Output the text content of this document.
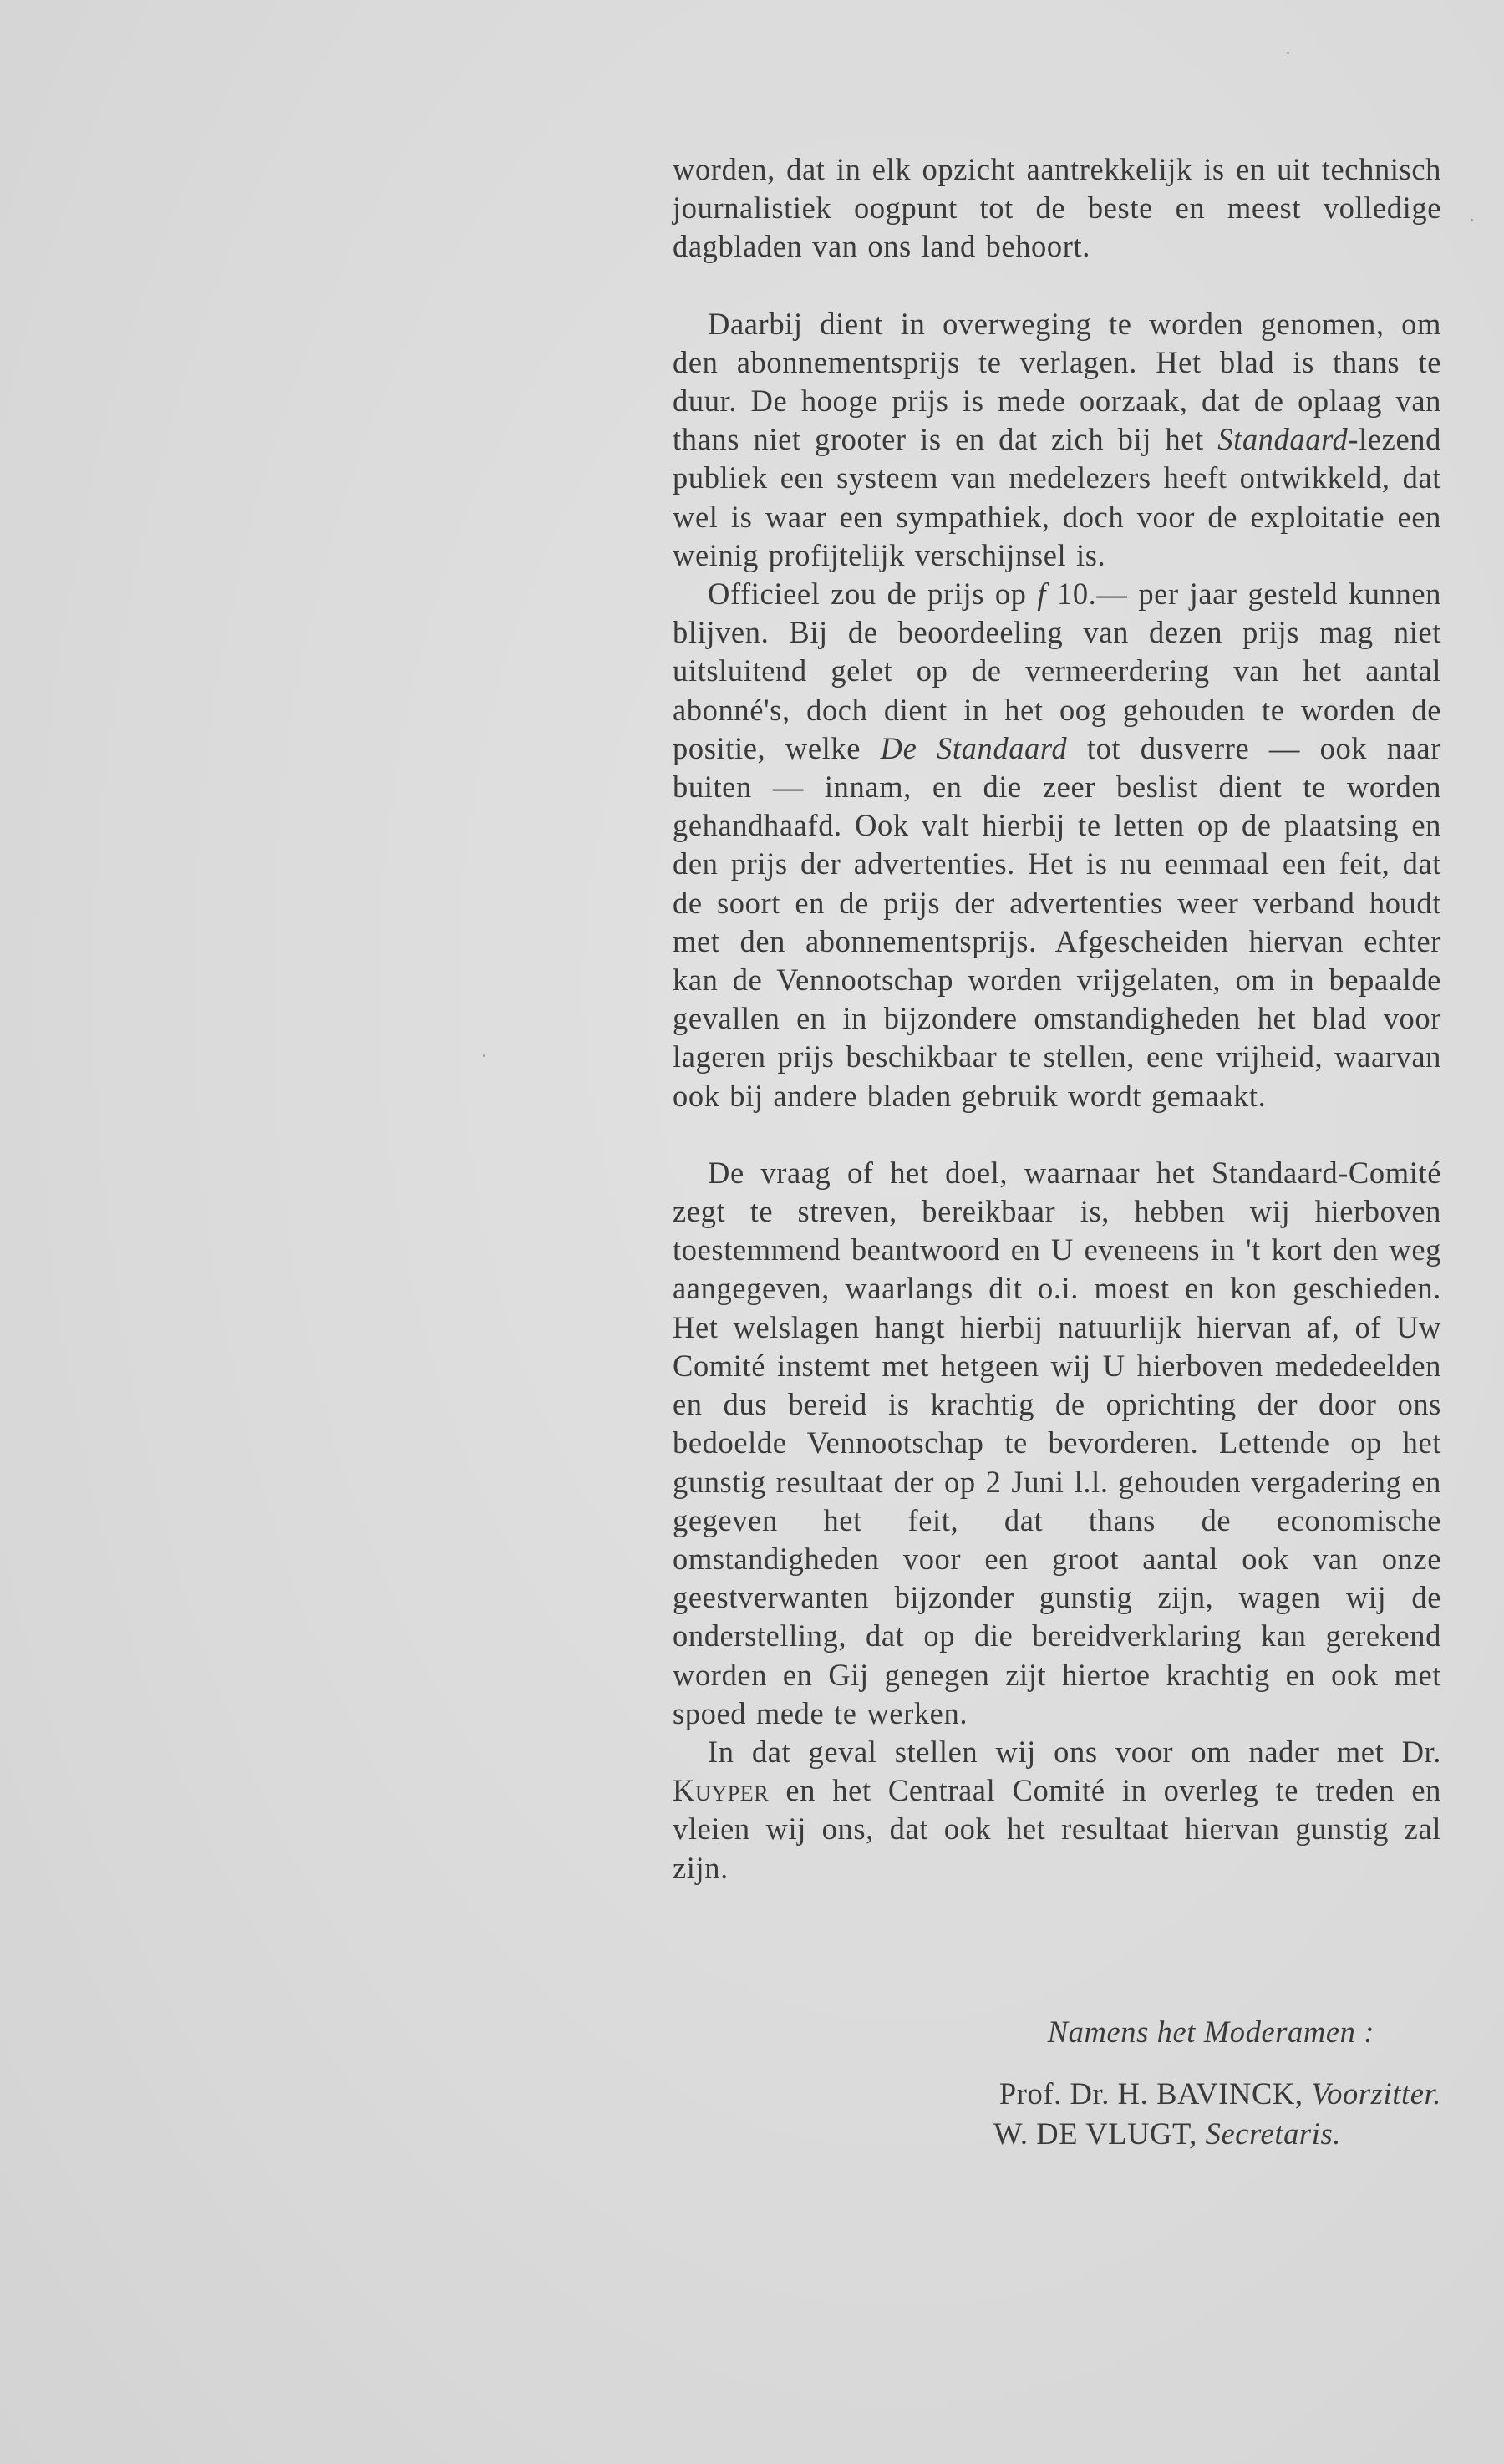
worden, dat in elk opzicht aantrekkelijk is en uit technisch journalistiek oogpunt tot de beste en meest volledige dagbladen van ons land behoort.

Daarbij dient in overweging te worden genomen, om den abonnementsprijs te verlagen. Het blad is thans te duur. De hooge prijs is mede oorzaak, dat de oplaag van thans niet grooter is en dat zich bij het Standaard-lezend publiek een systeem van medelezers heeft ontwikkeld, dat wel is waar een sympathiek, doch voor de exploitatie een weinig profijtelijk verschijnsel is.

Officieel zou de prijs op f 10.— per jaar gesteld kunnen blijven. Bij de beoordeeling van dezen prijs mag niet uitsluitend gelet op de vermeerdering van het aantal abonné's, doch dient in het oog gehouden te worden de positie, welke De Standaard tot dusverre — ook naar buiten — innam, en die zeer beslist dient te worden gehandhaafd. Ook valt hierbij te letten op de plaatsing en den prijs der advertenties. Het is nu eenmaal een feit, dat de soort en de prijs der advertenties weer verband houdt met den abonnementsprijs. Afgescheiden hiervan echter kan de Vennootschap worden vrijgelaten, om in bepaalde gevallen en in bijzondere omstandigheden het blad voor lageren prijs beschikbaar te stellen, eene vrijheid, waarvan ook bij andere bladen gebruik wordt gemaakt.

De vraag of het doel, waarnaar het Standaard-Comité zegt te streven, bereikbaar is, hebben wij hierboven toestemmend beantwoord en U eveneens in 't kort den weg aangegeven, waarlangs dit o.i. moest en kon geschieden. Het welslagen hangt hierbij natuurlijk hiervan af, of Uw Comité instemt met hetgeen wij U hierboven mededeelden en dus bereid is krachtig de oprichting der door ons bedoelde Vennootschap te bevorderen. Lettende op het gunstig resultaat der op 2 Juni l.l. gehouden vergadering en gegeven het feit, dat thans de economische omstandigheden voor een groot aantal ook van onze geestverwanten bijzonder gunstig zijn, wagen wij de onderstelling, dat op die bereidverklaring kan gerekend worden en Gij genegen zijt hiertoe krachtig en ook met spoed mede te werken.

In dat geval stellen wij ons voor om nader met Dr. Kuyper en het Centraal Comité in overleg te treden en vleien wij ons, dat ook het resultaat hiervan gunstig zal zijn.

Namens het Moderamen :
Prof. Dr. H. BAVINCK, Voorzitter.
W. DE VLUGT, Secretaris.
